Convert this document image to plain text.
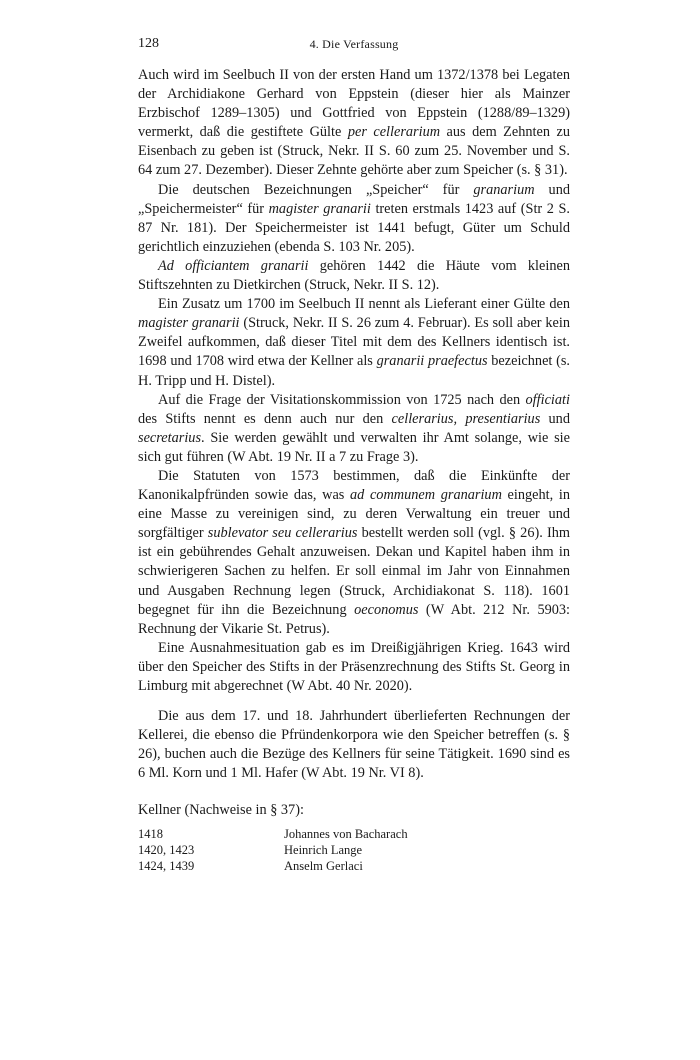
128	4. Die Verfassung

Auch wird im Seelbuch II von der ersten Hand um 1372/1378 bei Legaten der Archidiakone Gerhard von Eppstein (dieser hier als Mainzer Erzbischof 1289–1305) und Gottfried von Eppstein (1288/89–1329) vermerkt, daß die gestiftete Gülte per cellerarium aus dem Zehnten zu Eisenbach zu geben ist (Struck, Nekr. II S. 60 zum 25. November und S. 64 zum 27. Dezember). Dieser Zehnte gehörte aber zum Speicher (s. § 31).

Die deutschen Bezeichnungen „Speicher“ für granarium und „Speichermeister“ für magister granarii treten erstmals 1423 auf (Str 2 S. 87 Nr. 181). Der Speichermeister ist 1441 befugt, Güter um Schuld gerichtlich einzuziehen (ebenda S. 103 Nr. 205).

Ad officiantem granarii gehören 1442 die Häute vom kleinen Stiftszehnten zu Dietkirchen (Struck, Nekr. II S. 12).

Ein Zusatz um 1700 im Seelbuch II nennt als Lieferant einer Gülte den magister granarii (Struck, Nekr. II S. 26 zum 4. Februar). Es soll aber kein Zweifel aufkommen, daß dieser Titel mit dem des Kellners identisch ist. 1698 und 1708 wird etwa der Kellner als granarii praefectus bezeichnet (s. H. Tripp und H. Distel).

Auf die Frage der Visitationskommission von 1725 nach den officiati des Stifts nennt es denn auch nur den cellerarius, presentiarius und secretarius. Sie werden gewählt und verwalten ihr Amt solange, wie sie sich gut führen (W Abt. 19 Nr. II a 7 zu Frage 3).

Die Statuten von 1573 bestimmen, daß die Einkünfte der Kanonikalpfründen sowie das, was ad communem granarium eingeht, in eine Masse zu vereinigen sind, zu deren Verwaltung ein treuer und sorgfältiger sublevator seu cellerarius bestellt werden soll (vgl. § 26). Ihm ist ein gebührendes Gehalt anzuweisen. Dekan und Kapitel haben ihm in schwierigeren Sachen zu helfen. Er soll einmal im Jahr von Einnahmen und Ausgaben Rechnung legen (Struck, Archidiakonat S. 118). 1601 begegnet für ihn die Bezeichnung oeconomus (W Abt. 212 Nr. 5903: Rechnung der Vikarie St. Petrus).

Eine Ausnahmesituation gab es im Dreißigjährigen Krieg. 1643 wird über den Speicher des Stifts in der Präsenzrechnung des Stifts St. Georg in Limburg mit abgerechnet (W Abt. 40 Nr. 2020).

Die aus dem 17. und 18. Jahrhundert überlieferten Rechnungen der Kellerei, die ebenso die Pfründenkorpora wie den Speicher betreffen (s. § 26), buchen auch die Bezüge des Kellners für seine Tätigkeit. 1690 sind es 6 Ml. Korn und 1 Ml. Hafer (W Abt. 19 Nr. VI 8).

Kellner (Nachweise in § 37):

1418	Johannes von Bacharach
1420, 1423	Heinrich Lange
1424, 1439	Anselm Gerlaci
